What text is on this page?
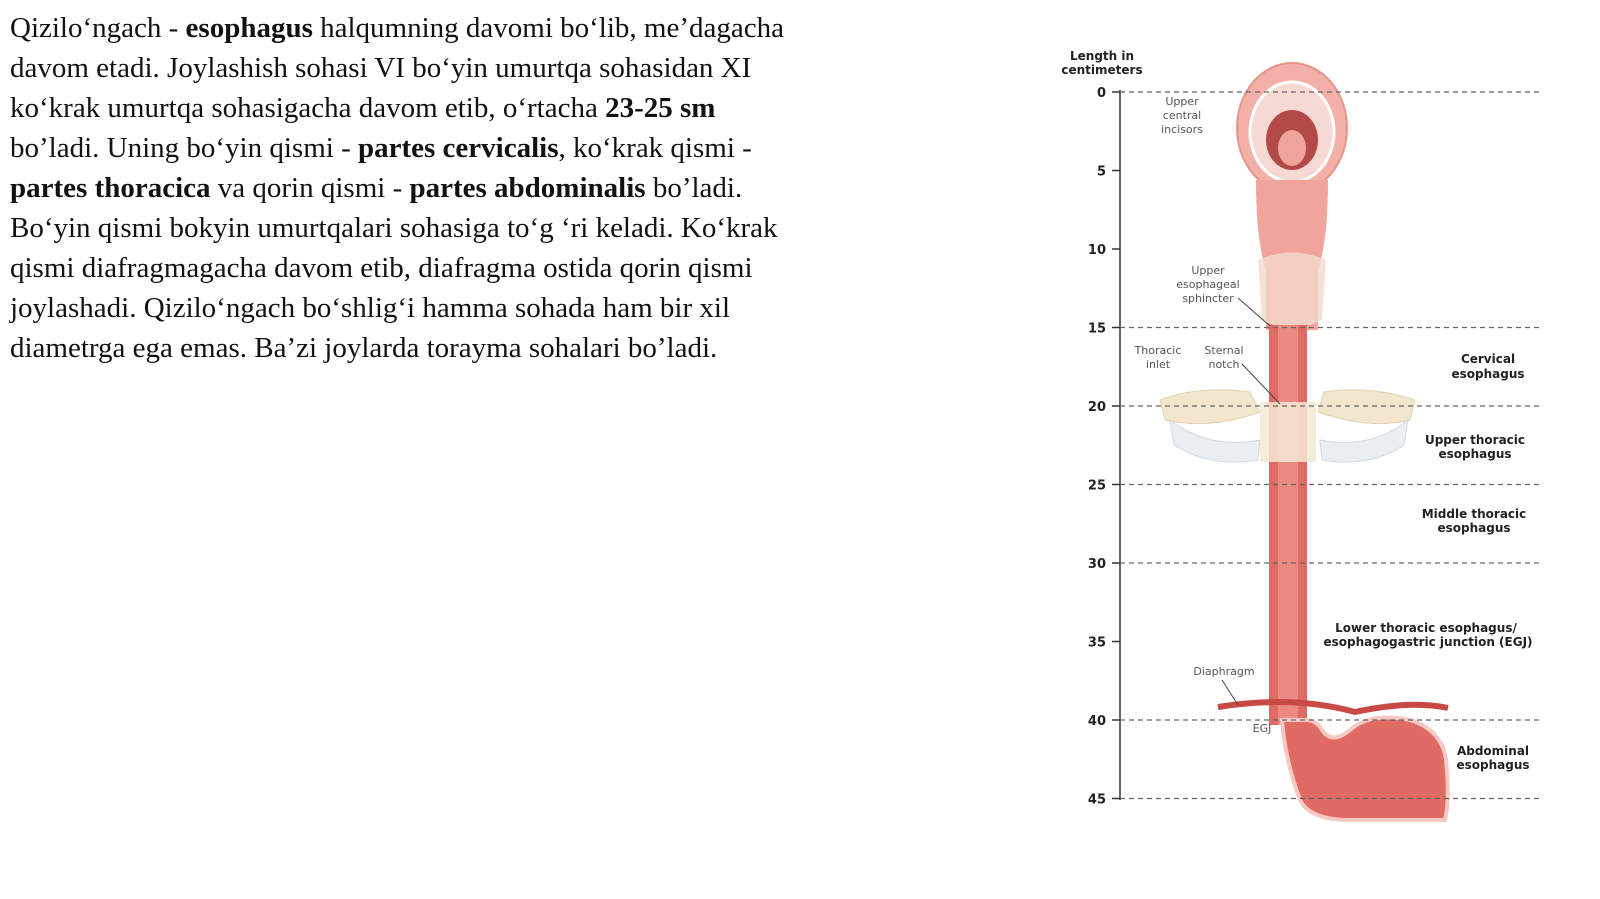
Qizilo‘ngach - esophagus halqumning davomi bo‘lib, me’dagacha davom etadi. Joylashish sohasi VI bo‘yin umurtqa sohasidan XI ko‘krak umurtqa sohasigacha davom etib, o‘rtacha 23-25 sm bo’ladi. Uning bo‘yin qismi - partes cervicalis, ko‘krak qismi - partes thoracica va qorin qismi - partes abdominalis bo’ladi. Bo‘yin qismi bokyin umurtqalari sohasiga to‘g ‘ri keladi. Ko‘krak qismi diafragmagacha davom etib, diafragma ostida qorin qismi joylashadi. Qizilo‘ngach bo‘shlig‘i hamma sohada ham bir xil diametrga ega emas. Ba’zi joylarda torayma sohalari bo’ladi.
Length in
centimeters
0
5
10
15
20
25
30
35
40
45
Upper
central
incisors
Upper
esophageal
sphincter
Thoracic
inlet
Sternal
notch
Diaphragm
EGJ
Cervical
esophagus
Upper thoracic
esophagus
Middle thoracic
esophagus
Lower thoracic esophagus/
esophagogastric junction (EGJ)
Abdominal
esophagus
